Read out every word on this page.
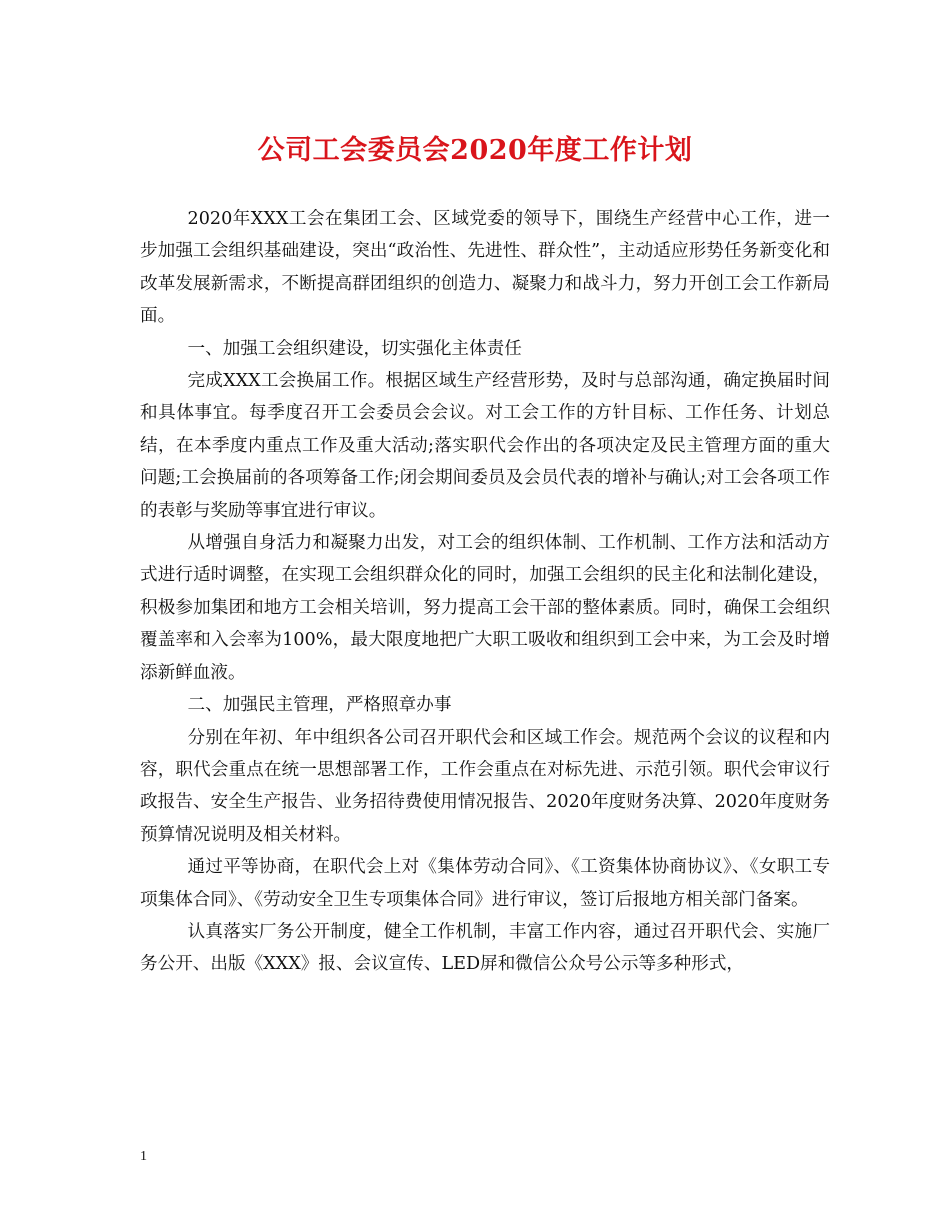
公司工会委员会2020年度工作计划

2020年XXX工会在集团工会、区域党委的领导下，围绕生产经营中心工作，进一步加强工会组织基础建设，突出“政治性、先进性、群众性”，主动适应形势任务新变化和改革发展新需求，不断提高群团组织的创造力、凝聚力和战斗力，努力开创工会工作新局面。

一、加强工会组织建设，切实强化主体责任

完成XXX工会换届工作。根据区域生产经营形势，及时与总部沟通，确定换届时间和具体事宜。每季度召开工会委员会会议。对工会工作的方针目标、工作任务、计划总结，在本季度内重点工作及重大活动;落实职代会作出的各项决定及民主管理方面的重大问题;工会换届前的各项筹备工作;闭会期间委员及会员代表的增补与确认;对工会各项工作的表彰与奖励等事宜进行审议。

从增强自身活力和凝聚力出发，对工会的组织体制、工作机制、工作方法和活动方式进行适时调整，在实现工会组织群众化的同时，加强工会组织的民主化和法制化建设，积极参加集团和地方工会相关培训，努力提高工会干部的整体素质。同时，确保工会组织覆盖率和入会率为100%，最大限度地把广大职工吸收和组织到工会中来，为工会及时增添新鲜血液。

二、加强民主管理，严格照章办事

分别在年初、年中组织各公司召开职代会和区域工作会。规范两个会议的议程和内容，职代会重点在统一思想部署工作，工作会重点在对标先进、示范引领。职代会审议行政报告、安全生产报告、业务招待费使用情况报告、2020年度财务决算、2020年度财务预算情况说明及相关材料。

通过平等协商，在职代会上对《集体劳动合同》、《工资集体协商协议》、《女职工专项集体合同》、《劳动安全卫生专项集体合同》进行审议，签订后报地方相关部门备案。

认真落实厂务公开制度，健全工作机制，丰富工作内容，通过召开职代会、实施厂务公开、出版《XXX》报、会议宣传、LED屏和微信公众号公示等多种形式，

1
